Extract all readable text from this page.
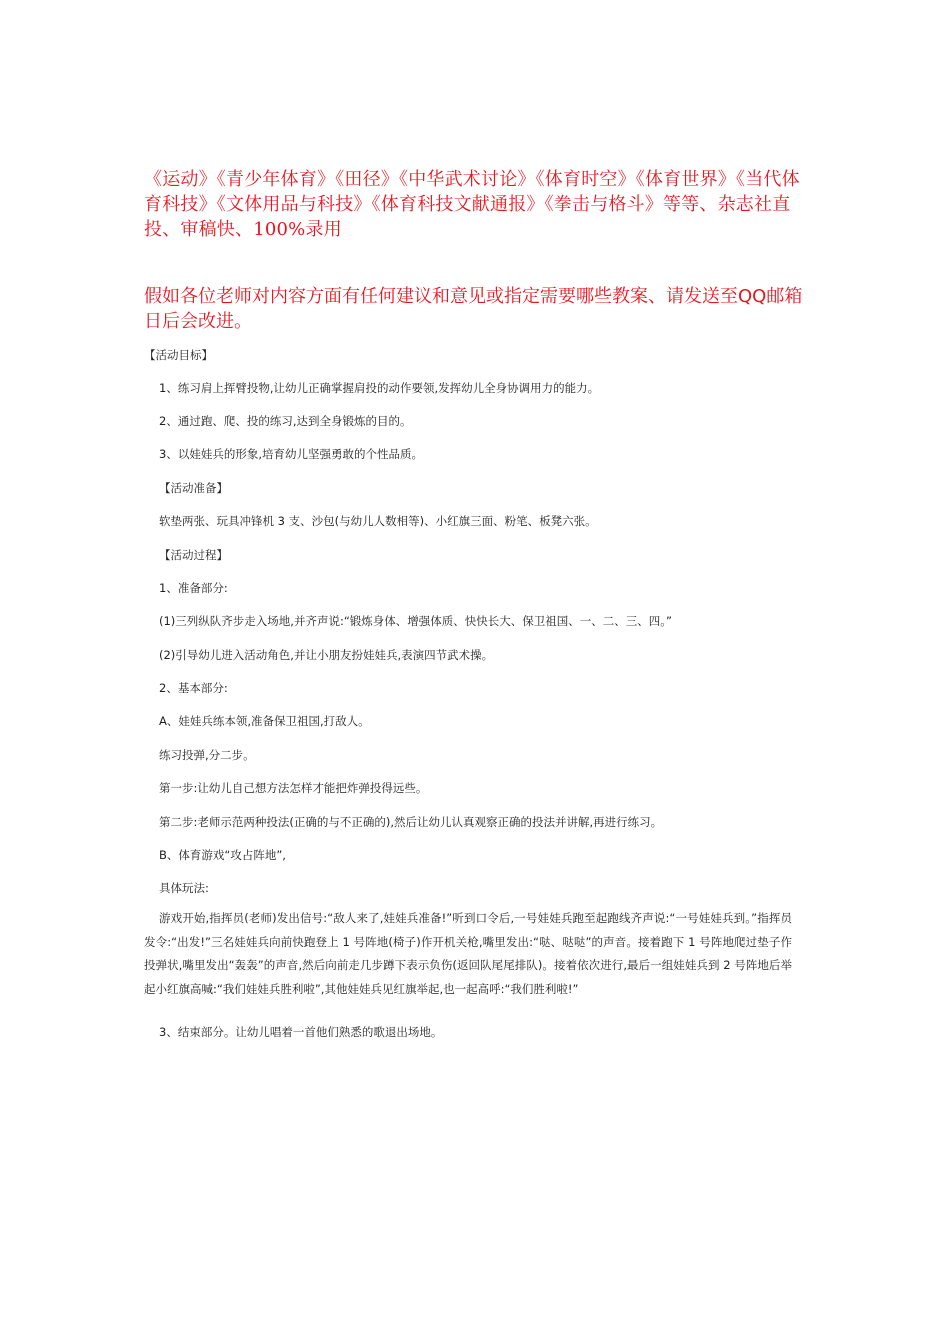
《运动》《青少年体育》《田径》《中华武术讨论》《体育时空》《体育世界》《当代体育科技》《文体用品与科技》《体育科技文献通报》《拳击与格斗》等等、杂志社直投、审稿快、100%录用

假如各位老师对内容方面有任何建议和意见或指定需要哪些教案、请发送至QQ邮箱日后会改进。

【活动目标】

1、练习肩上挥臂投物,让幼儿正确掌握肩投的动作要领,发挥幼儿全身协调用力的能力。

2、通过跑、爬、投的练习,达到全身锻炼的目的。

3、以娃娃兵的形象,培育幼儿坚强勇敢的个性品质。

【活动准备】

软垫两张、玩具冲锋机 3 支、沙包(与幼儿人数相等)、小红旗三面、粉笔、板凳六张。

【活动过程】

1、准备部分:

(1)三列纵队齐步走入场地,并齐声说:“锻炼身体、增强体质、快快长大、保卫祖国、一、二、三、四。”

(2)引导幼儿进入活动角色,并让小朋友扮娃娃兵,表演四节武术操。

2、基本部分:

A、娃娃兵练本领,准备保卫祖国,打敌人。

练习投弹,分二步。

第一步:让幼儿自己想方法怎样才能把炸弹投得远些。

第二步:老师示范两种投法(正确的与不正确的),然后让幼儿认真观察正确的投法并讲解,再进行练习。

B、体育游戏“攻占阵地”,

具体玩法:

游戏开始,指挥员(老师)发出信号:“敌人来了,娃娃兵准备!”听到口令后,一号娃娃兵跑至起跑线齐声说:“一号娃娃兵到。”指挥员发令:“出发!”三名娃娃兵向前快跑登上 1 号阵地(椅子)作开机关枪,嘴里发出:“哒、哒哒”的声音。接着跑下 1 号阵地爬过垫子作投弹状,嘴里发出“轰轰”的声音,然后向前走几步蹲下表示负伤(返回队尾尾排队)。接着依次进行,最后一组娃娃兵到 2 号阵地后举起小红旗高喊:“我们娃娃兵胜利啦”,其他娃娃兵见红旗举起,也一起高呼:“我们胜利啦!”

3、结束部分。让幼儿唱着一首他们熟悉的歌退出场地。
